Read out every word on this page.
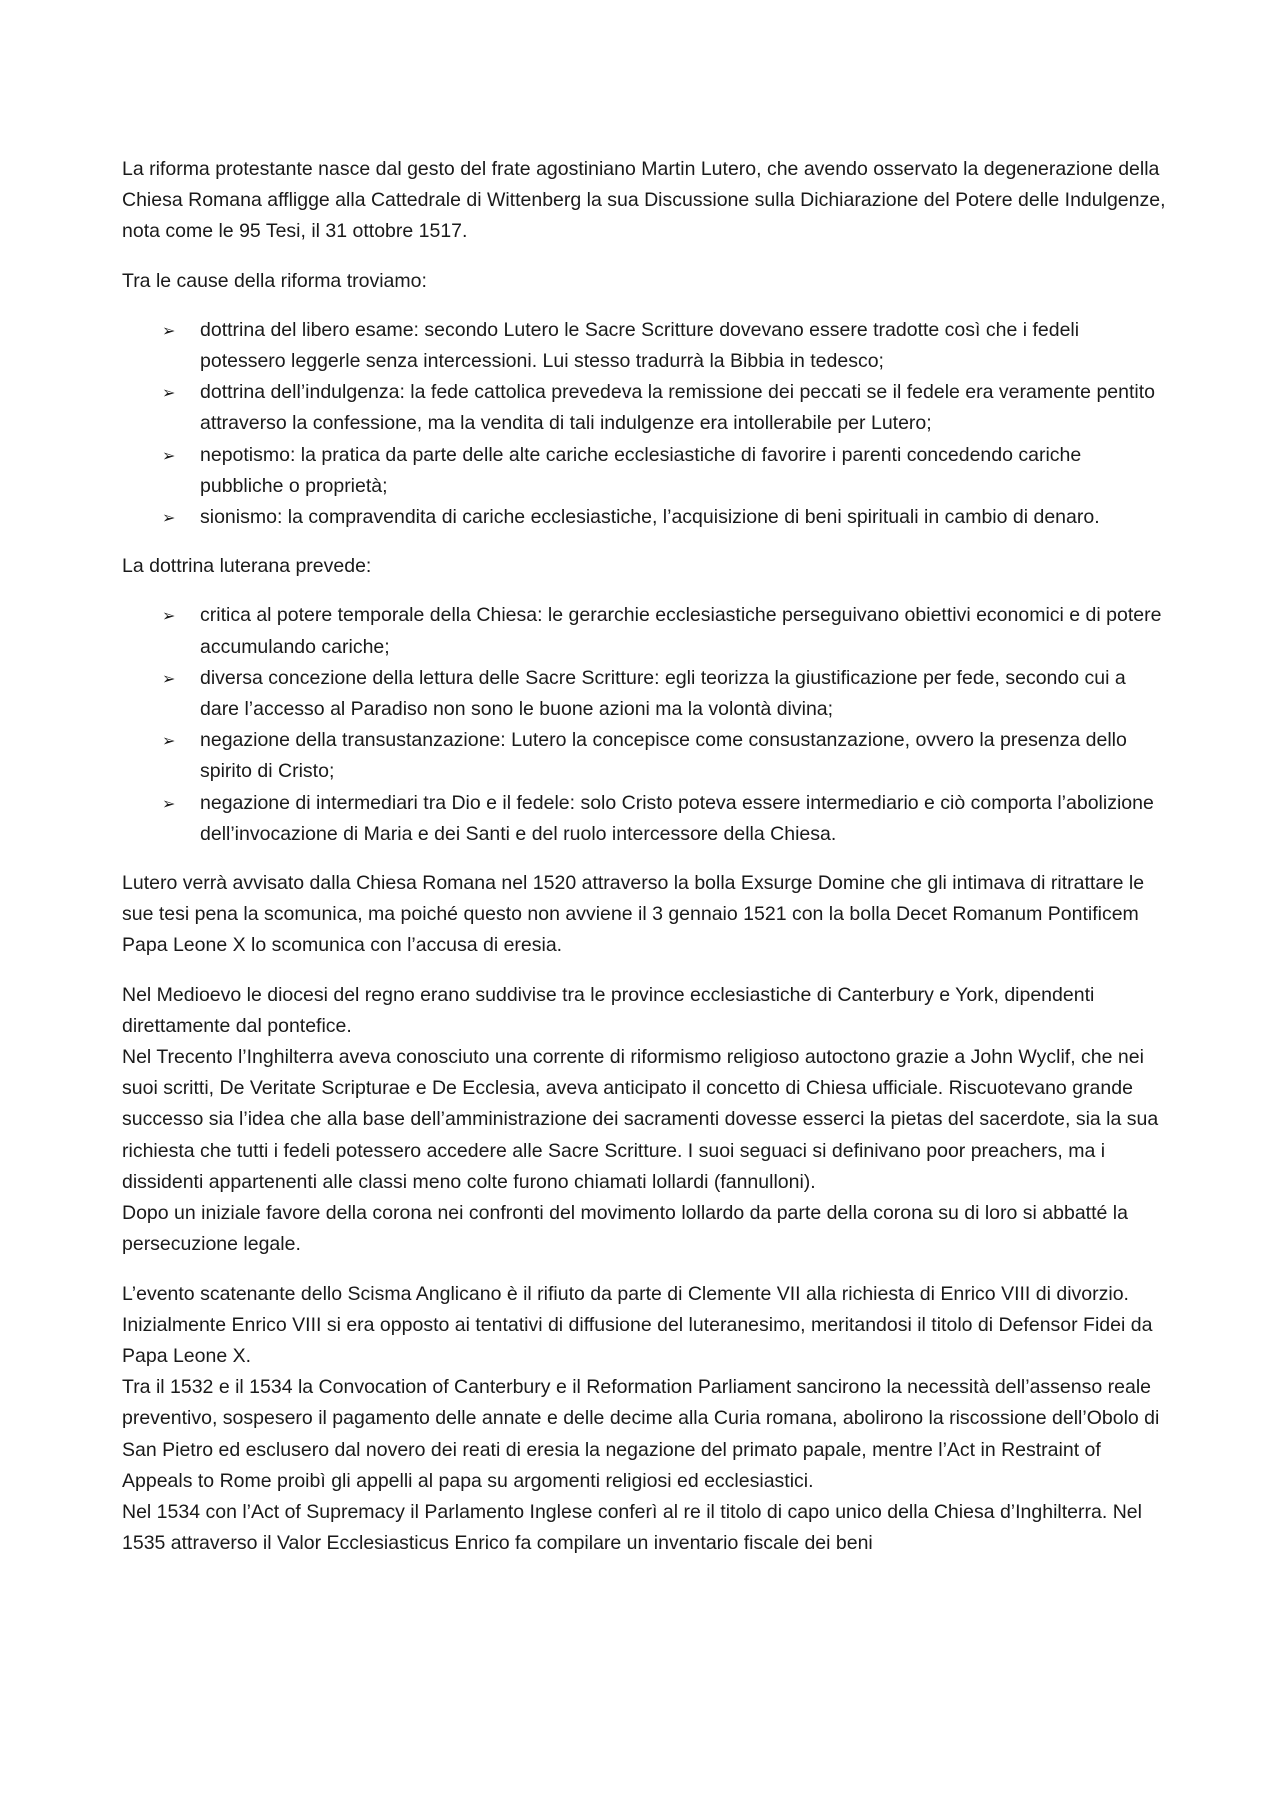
La riforma protestante nasce dal gesto del frate agostiniano Martin Lutero, che avendo osservato la degenerazione della Chiesa Romana affligge alla Cattedrale di Wittenberg la sua Discussione sulla Dichiarazione del Potere delle Indulgenze, nota come le 95 Tesi, il 31 ottobre 1517.

Tra le cause della riforma troviamo:

➢	dottrina del libero esame: secondo Lutero le Sacre Scritture dovevano essere tradotte così che i fedeli potessero leggerle senza intercessioni. Lui stesso tradurrà la Bibbia in tedesco;
➢	dottrina dell’indulgenza: la fede cattolica prevedeva la remissione dei peccati se il fedele era veramente pentito attraverso la confessione, ma la vendita di tali indulgenze era intollerabile per Lutero;
➢	nepotismo: la pratica da parte delle alte cariche ecclesiastiche di favorire i parenti concedendo cariche pubbliche o proprietà;
➢	sionismo: la compravendita di cariche ecclesiastiche, l’acquisizione di beni spirituali in cambio di denaro.

La dottrina luterana prevede:

➢	critica al potere temporale della Chiesa: le gerarchie ecclesiastiche perseguivano obiettivi economici e di potere accumulando cariche;
➢	diversa concezione della lettura delle Sacre Scritture: egli teorizza la giustificazione per fede, secondo cui a dare l’accesso al Paradiso non sono le buone azioni ma la volontà divina;
➢	negazione della transustanzazione: Lutero la concepisce come consustanzazione, ovvero la presenza dello spirito di Cristo;
➢	negazione di intermediari tra Dio e il fedele: solo Cristo poteva essere intermediario e ciò comporta l’abolizione dell’invocazione di Maria e dei Santi e del ruolo intercessore della Chiesa.

Lutero verrà avvisato dalla Chiesa Romana nel 1520 attraverso la bolla Exsurge Domine che gli intimava di ritrattare le sue tesi pena la scomunica, ma poiché questo non avviene il 3 gennaio 1521 con la bolla Decet Romanum Pontificem Papa Leone X lo scomunica con l’accusa di eresia.

Nel Medioevo le diocesi del regno erano suddivise tra le province ecclesiastiche di Canterbury e York, dipendenti direttamente dal pontefice.

Nel Trecento l’Inghilterra aveva conosciuto una corrente di riformismo religioso autoctono grazie a John Wyclif, che nei suoi scritti, De Veritate Scripturae e De Ecclesia, aveva anticipato il concetto di Chiesa ufficiale. Riscuotevano grande successo sia l’idea che alla base dell’amministrazione dei sacramenti dovesse esserci la pietas del sacerdote, sia la sua richiesta che tutti i fedeli potessero accedere alle Sacre Scritture. I suoi seguaci si definivano poor preachers, ma i dissidenti appartenenti alle classi meno colte furono chiamati lollardi (fannulloni).

Dopo un iniziale favore della corona nei confronti del movimento lollardo da parte della corona su di loro si abbatté la persecuzione legale.

L’evento scatenante dello Scisma Anglicano è il rifiuto da parte di Clemente VII alla richiesta di Enrico VIII di divorzio. Inizialmente Enrico VIII si era opposto ai tentativi di diffusione del luteranesimo, meritandosi il titolo di Defensor Fidei da Papa Leone X.

Tra il 1532 e il 1534 la Convocation of Canterbury e il Reformation Parliament sancirono la necessità dell’assenso reale preventivo, sospesero il pagamento delle annate e delle decime alla Curia romana, abolirono la riscossione dell’Obolo di San Pietro ed esclusero dal novero dei reati di eresia la negazione del primato papale, mentre l’Act in Restraint of Appeals to Rome proibì gli appelli al papa su argomenti religiosi ed ecclesiastici.

Nel 1534 con l’Act of Supremacy il Parlamento Inglese conferì al re il titolo di capo unico della Chiesa d’Inghilterra. Nel 1535 attraverso il Valor Ecclesiasticus Enrico fa compilare un inventario fiscale dei beni
